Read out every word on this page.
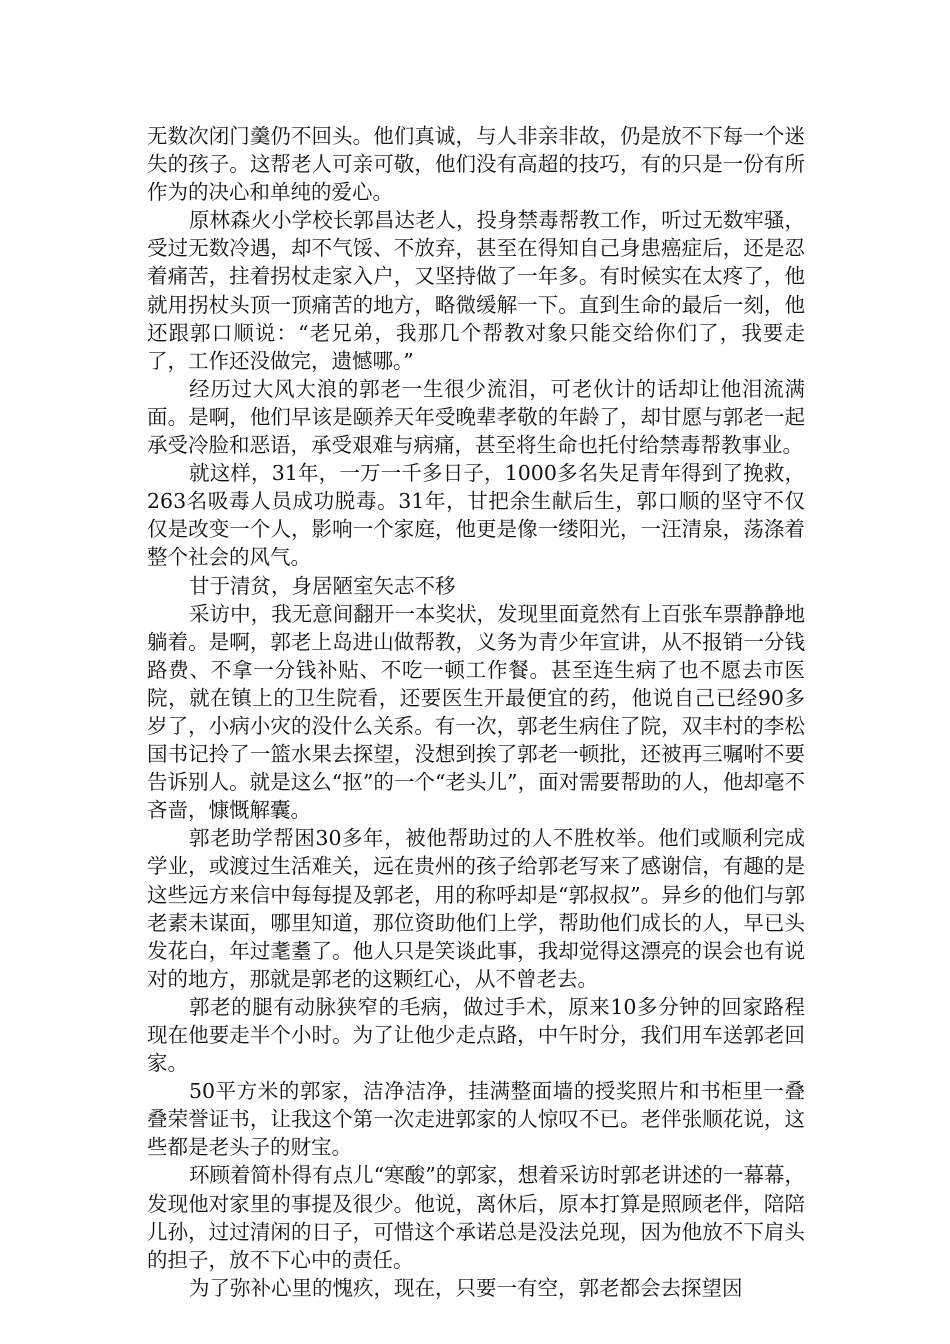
无数次闭门羹仍不回头。他们真诚，与人非亲非故，仍是放不下每一个迷失的孩子。这帮老人可亲可敬，他们没有高超的技巧，有的只是一份有所作为的决心和单纯的爱心。

原林森火小学校长郭昌达老人，投身禁毒帮教工作，听过无数牢骚，受过无数冷遇，却不气馁、不放弃，甚至在得知自己身患癌症后，还是忍着痛苦，拄着拐杖走家入户，又坚持做了一年多。有时候实在太疼了，他就用拐杖头顶一顶痛苦的地方，略微缓解一下。直到生命的最后一刻，他还跟郭口顺说：“老兄弟，我那几个帮教对象只能交给你们了，我要走了，工作还没做完，遗憾哪。”

经历过大风大浪的郭老一生很少流泪，可老伙计的话却让他泪流满面。是啊，他们早该是颐养天年受晚辈孝敬的年龄了，却甘愿与郭老一起承受冷脸和恶语，承受艰难与病痛，甚至将生命也托付给禁毒帮教事业。

就这样，31年，一万一千多日子，1000多名失足青年得到了挽救，263名吸毒人员成功脱毒。31年，甘把余生献后生，郭口顺的坚守不仅仅是改变一个人，影响一个家庭，他更是像一缕阳光，一汪清泉，荡涤着整个社会的风气。

甘于清贫，身居陋室矢志不移

采访中，我无意间翻开一本奖状，发现里面竟然有上百张车票静静地躺着。是啊，郭老上岛进山做帮教，义务为青少年宣讲，从不报销一分钱路费、不拿一分钱补贴、不吃一顿工作餐。甚至连生病了也不愿去市医院，就在镇上的卫生院看，还要医生开最便宜的药，他说自己已经90多岁了，小病小灾的没什么关系。有一次，郭老生病住了院，双丰村的李松国书记拎了一篮水果去探望，没想到挨了郭老一顿批，还被再三嘱咐不要告诉别人。就是这么“抠”的一个“老头儿”，面对需要帮助的人，他却毫不吝啬，慷慨解囊。

郭老助学帮困30多年，被他帮助过的人不胜枚举。他们或顺利完成学业，或渡过生活难关，远在贵州的孩子给郭老写来了感谢信，有趣的是这些远方来信中每每提及郭老，用的称呼却是“郭叔叔”。异乡的他们与郭老素未谋面，哪里知道，那位资助他们上学，帮助他们成长的人，早已头发花白，年过耄耋了。他人只是笑谈此事，我却觉得这漂亮的误会也有说对的地方，那就是郭老的这颗红心，从不曾老去。

郭老的腿有动脉狭窄的毛病，做过手术，原来10多分钟的回家路程现在他要走半个小时。为了让他少走点路，中午时分，我们用车送郭老回家。

50平方米的郭家，洁净洁净，挂满整面墙的授奖照片和书柜里一叠叠荣誉证书，让我这个第一次走进郭家的人惊叹不已。老伴张顺花说，这些都是老头子的财宝。

环顾着简朴得有点儿“寒酸”的郭家，想着采访时郭老讲述的一幕幕，发现他对家里的事提及很少。他说，离休后，原本打算是照顾老伴，陪陪儿孙，过过清闲的日子，可惜这个承诺总是没法兑现，因为他放不下肩头的担子，放不下心中的责任。

为了弥补心里的愧疚，现在，只要一有空，郭老都会去探望因
